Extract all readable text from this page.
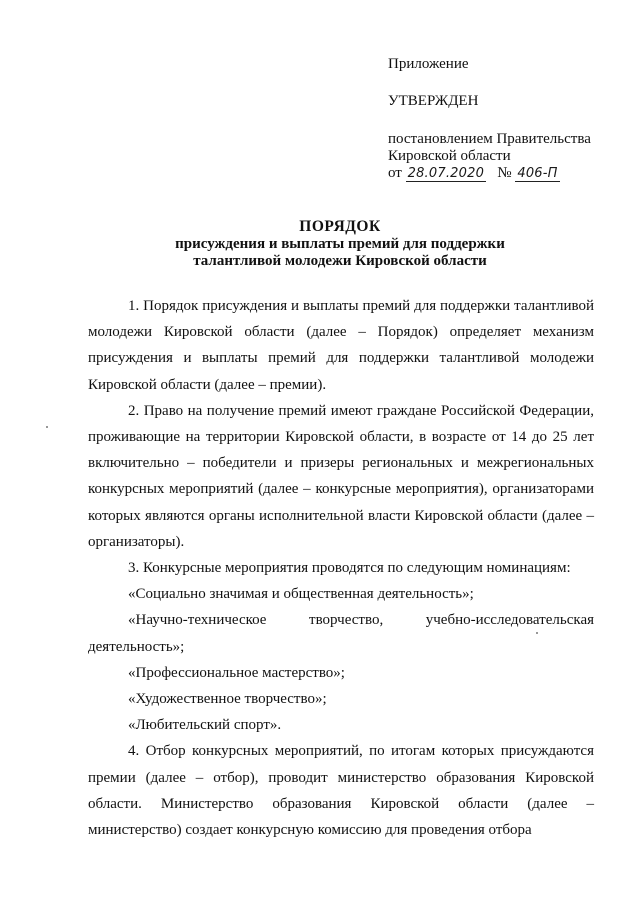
Приложение
УТВЕРЖДЕН
постановлением Правительства
Кировской области
от 28.07.2020 № 406-П
ПОРЯДОК
присуждения и выплаты премий для поддержки
талантливой молодежи Кировской области

1. Порядок присуждения и выплаты премий для поддержки талантливой молодежи Кировской области (далее – Порядок) определяет механизм присуждения и выплаты премий для поддержки талантливой молодежи Кировской области (далее – премии).

2. Право на получение премий имеют граждане Российской Федерации, проживающие на территории Кировской области, в возрасте от 14 до 25 лет включительно – победители и призеры региональных и межрегиональных конкурсных мероприятий (далее – конкурсные мероприятия), организаторами которых являются органы исполнительной власти Кировской области (далее – организаторы).

3. Конкурсные мероприятия проводятся по следующим номинациям:

«Социально значимая и общественная деятельность»;

«Научно-техническое творчество, учебно-исследовательская деятельность»;

«Профессиональное мастерство»;

«Художественное творчество»;

«Любительский спорт».

4. Отбор конкурсных мероприятий, по итогам которых присуждаются премии (далее – отбор), проводит министерство образования Кировской области. Министерство образования Кировской области (далее – министерство) создает конкурсную комиссию для проведения отбора
